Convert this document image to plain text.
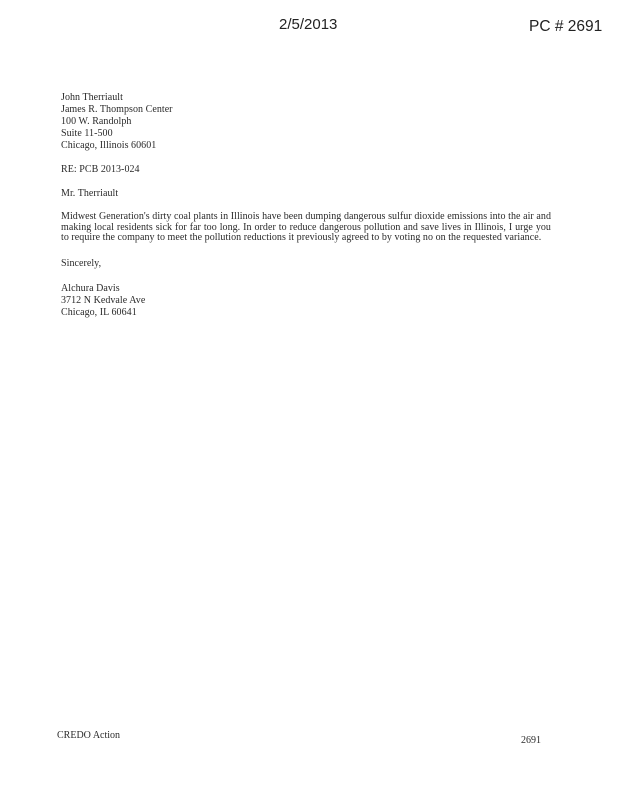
2/5/2013	PC # 2691
John Therriault
James R. Thompson Center
100 W. Randolph
Suite 11-500
Chicago, Illinois 60601
RE: PCB 2013-024
Mr. Therriault
Midwest Generation's dirty coal plants in Illinois have been dumping dangerous sulfur dioxide emissions into the air and making local residents sick for far too long. In order to reduce dangerous pollution and save lives in Illinois, I urge you to require the company to meet the pollution reductions it previously agreed to by voting no on the requested variance.
Sincerely,
Alchura Davis
3712 N Kedvale Ave
Chicago, IL 60641
CREDO Action	2691
